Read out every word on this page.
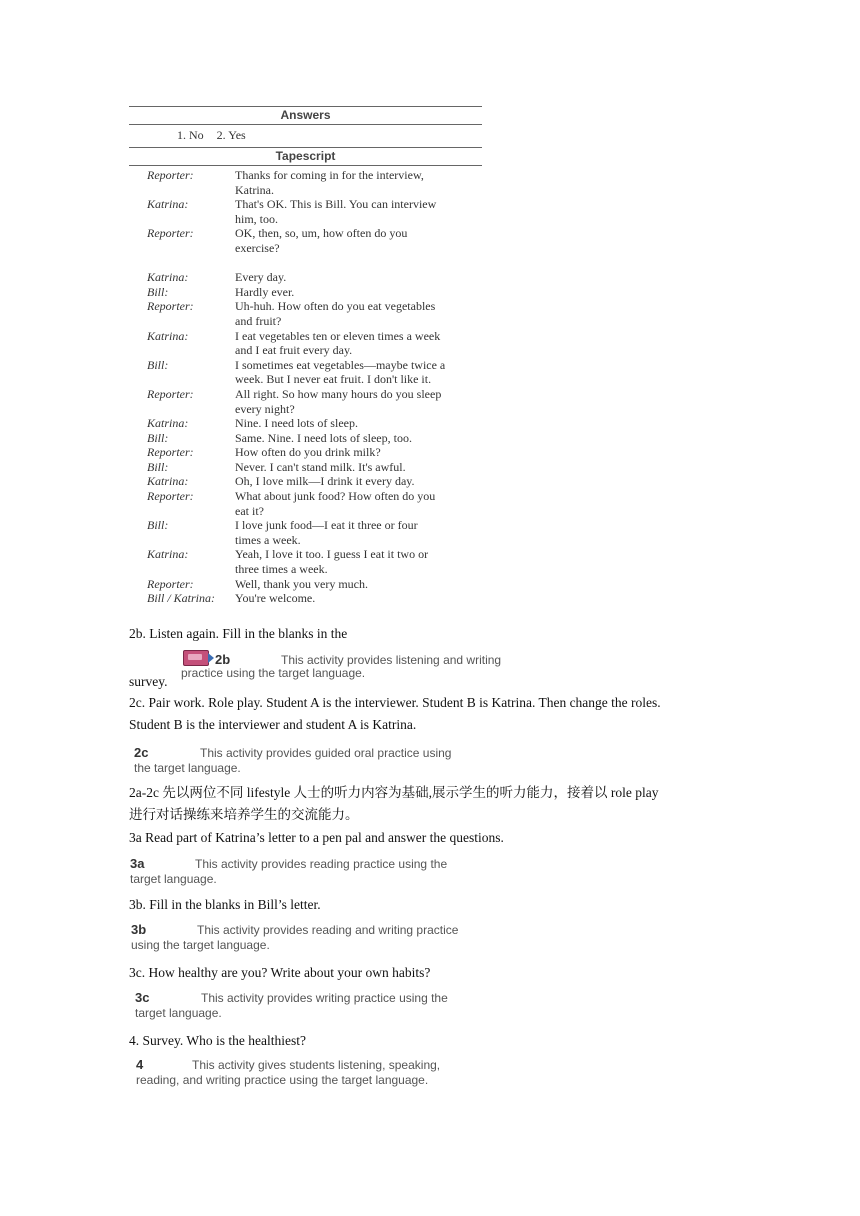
Answers
1. No 2. Yes
Tapescript
Reporter:	Thanks for coming in for the interview,
Katrina.
Katrina:	That's OK. This is Bill. You can interview
him, too.
Reporter:	OK, then, so, um, how often do you
exercise?
Katrina:	Every day.
Bill:	Hardly ever.
Reporter:	Uh-huh. How often do you eat vegetables
and fruit?
Katrina:	I eat vegetables ten or eleven times a week
and I eat fruit every day.
Bill:	I sometimes eat vegetables—maybe twice a
week. But I never eat fruit. I don't like it.
Reporter:	All right. So how many hours do you sleep
every night?
Katrina:	Nine. I need lots of sleep.
Bill:	Same. Nine. I need lots of sleep, too.
Reporter:	How often do you drink milk?
Bill:	Never. I can't stand milk. It's awful.
Katrina:	Oh, I love milk—I drink it every day.
Reporter:	What about junk food? How often do you
eat it?
Bill:	I love junk food—I eat it three or four
times a week.
Katrina:	Yeah, I love it too. I guess I eat it two or
three times a week.
Reporter:	Well, thank you very much.
Bill / Katrina:	You're welcome.
2b. Listen again. Fill in the blanks in the
2b	This activity provides listening and writing
survey.
practice using the target language.
2c. Pair work. Role play. Student A is the interviewer. Student B is Katrina. Then change the roles.
Student B is the interviewer and student A is Katrina.
2c	This activity provides guided oral practice using
the target language.
2a-2c 先以两位不同 lifestyle 人士的听力内容为基础,展示学生的听力能力，接着以 role play
进行对话操练来培养学生的交流能力。
3a Read part of Katrina’s letter to a pen pal and answer the questions.
3a	This activity provides reading practice using the
target language.
3b. Fill in the blanks in Bill’s letter.
3b	This activity provides reading and writing practice
using the target language.
3c. How healthy are you? Write about your own habits?
3c	This activity provides writing practice using the
target language.
4. Survey. Who is the healthiest?
4	This activity gives students listening, speaking,
reading, and writing practice using the target language.
